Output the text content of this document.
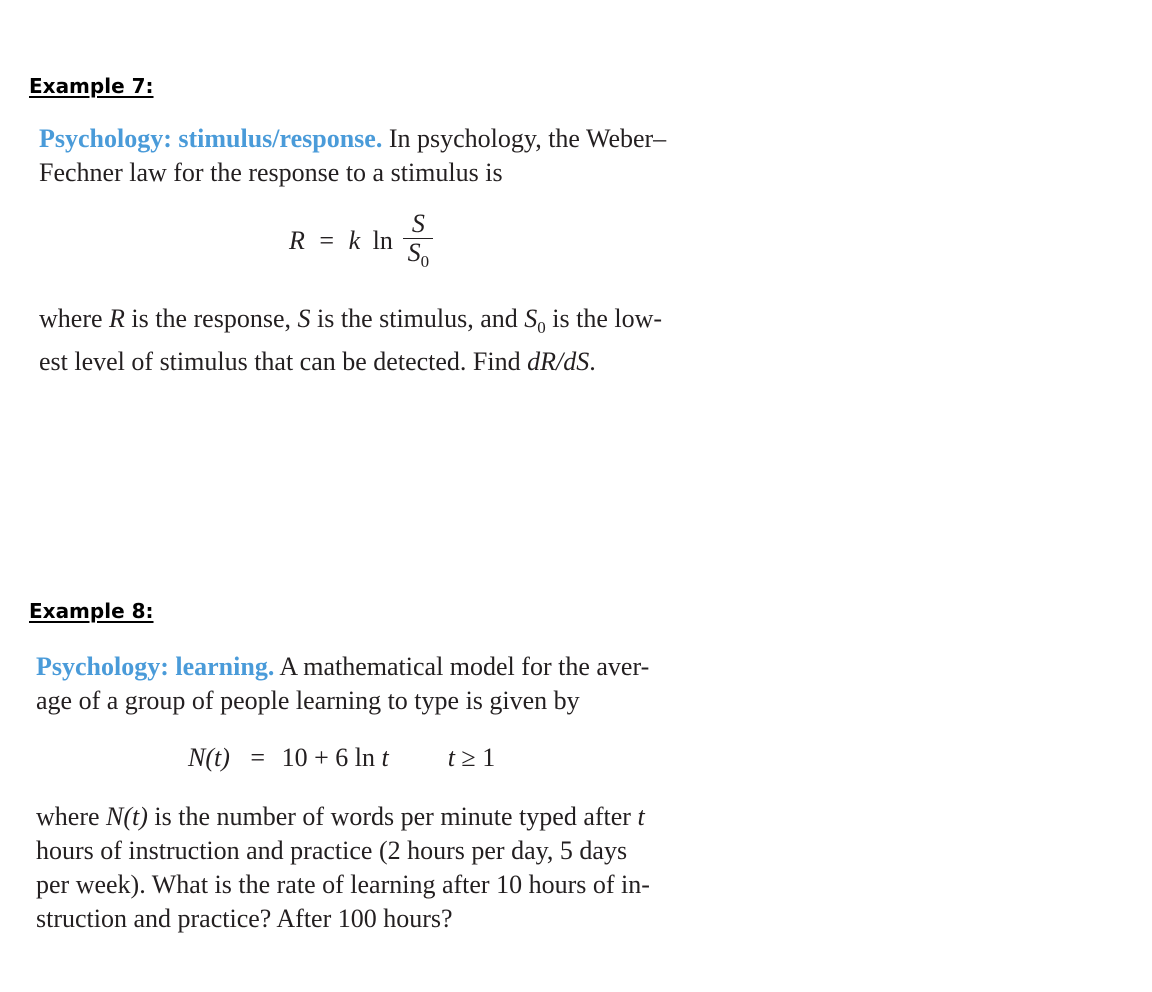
Example 7:

Psychology: stimulus/response. In psychology, the Weber–
Fechner law for the response to a stimulus is

R = k $\ln \frac{S}{S_0}$

where R is the response, S is the stimulus, and $S_0$ is the low-
est level of stimulus that can be detected. Find dR/dS.

Example 8:

Psychology: learning. A mathematical model for the aver-
age of a group of people learning to type is given by

N(t) = 10 + 6 ln t t ≥ 1

where N(t) is the number of words per minute typed after t
hours of instruction and practice (2 hours per day, 5 days
per week). What is the rate of learning after 10 hours of in-
struction and practice? After 100 hours?
